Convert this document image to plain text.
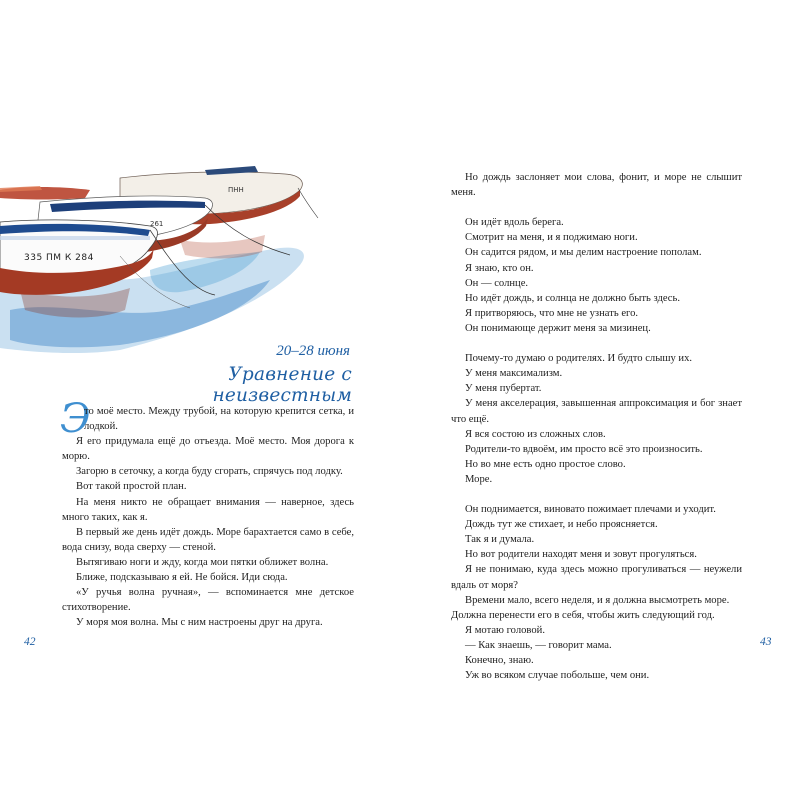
ПНН
261
335 ПМ К 284
20–28 июня
Уравнение с неизвестным

Э
то моё место. Между трубой, на которую крепится сетка, и лодкой.

Я его придумала ещё до отъезда. Моё место. Моя дорога к морю.

Загорю в сеточку, а когда буду сгорать, спрячусь под лодку.

Вот такой простой план.

На меня никто не обращает внимания — наверное, здесь много таких, как я.

В первый же день идёт дождь. Море барахтается само в себе, вода снизу, вода сверху — стеной.

Вытягиваю ноги и жду, когда мои пятки оближет волна.

Ближе, подсказываю я ей. Не бойся. Иди сюда.

«У ручья волна ручная», — вспоминается мне детское стихотворение.

У моря моя волна. Мы с ним настроены друг на друга.

42

Но дождь заслоняет мои слова, фонит, и море не слышит меня.

Он идёт вдоль берега.

Смотрит на меня, и я поджимаю ноги.

Он садится рядом, и мы делим настроение пополам.

Я знаю, кто он.

Он — солнце.

Но идёт дождь, и солнца не должно быть здесь.

Я притворяюсь, что мне не узнать его.

Он понимающе держит меня за мизинец.

Почему-то думаю о родителях. И будто слышу их.

У меня максимализм.

У меня пубертат.

У меня акселерация, завышенная аппроксимация и бог знает что ещё.

Я вся состою из сложных слов.

Родители-то вдвоём, им просто всё это произносить.

Но во мне есть одно простое слово.

Море.

Он поднимается, виновато пожимает плечами и уходит.

Дождь тут же стихает, и небо проясняется.

Так я и думала.

Но вот родители находят меня и зовут прогуляться.

Я не понимаю, куда здесь можно прогуливаться — неужели вдаль от моря?

Времени мало, всего неделя, и я должна высмотреть море.

Должна перенести его в себя, чтобы жить следующий год.

Я мотаю головой.

— Как знаешь, — говорит мама.

Конечно, знаю.

Уж во всяком случае побольше, чем они.

43
